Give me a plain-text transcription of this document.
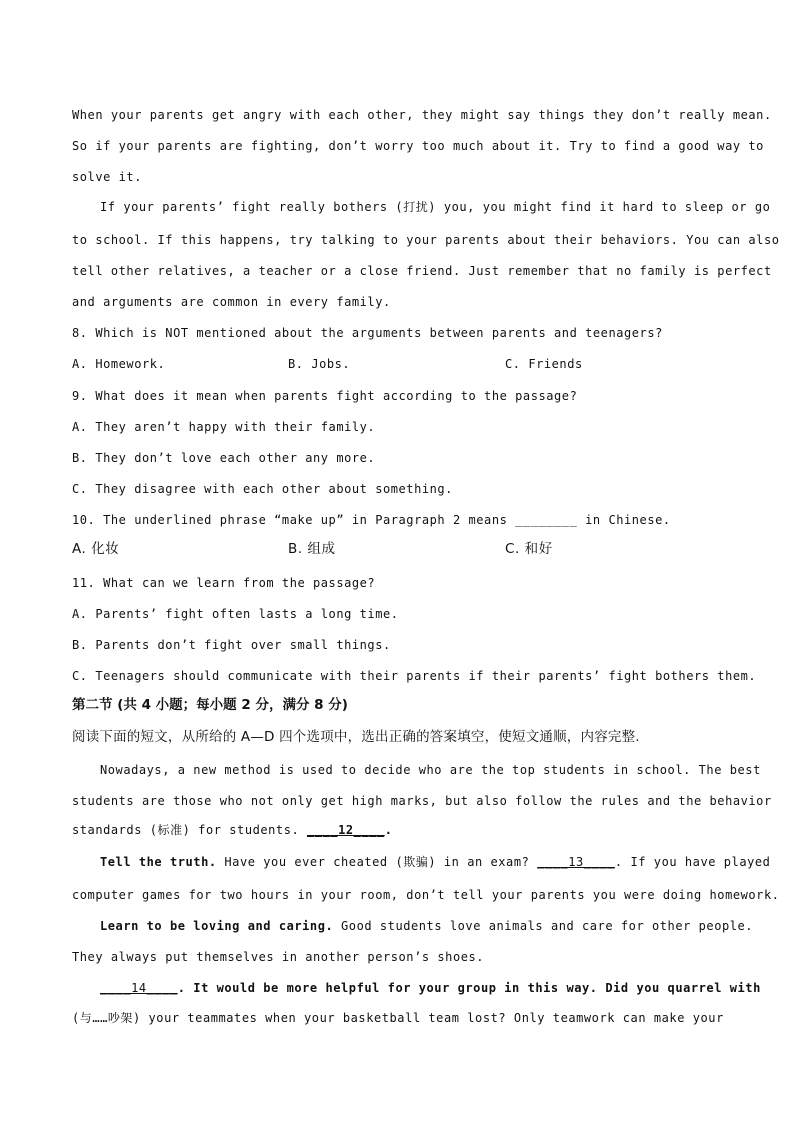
When your parents get angry with each other, they might say things they don’t really mean.
So if your parents are fighting, don’t worry too much about it. Try to find a good way to
solve it.
If your parents’ fight really bothers (打扰) you, you might find it hard to sleep or go
to school. If this happens, try talking to your parents about their behaviors. You can also
tell other relatives, a teacher or a close friend. Just remember that no family is perfect
and arguments are common in every family.
8. Which is NOT mentioned about the arguments between parents and teenagers?
A. Homework.	B. Jobs.	C. Friends
9. What does it mean when parents fight according to the passage?
A. They aren’t happy with their family.
B. They don’t love each other any more.
C. They disagree with each other about something.
10. The underlined phrase “make up” in Paragraph 2 means ________ in Chinese.
A. 化妆	B. 组成	C. 和好
11. What can we learn from the passage?
A. Parents’ fight often lasts a long time.
B. Parents don’t fight over small things.
C. Teenagers should communicate with their parents if their parents’ fight bothers them.
第二节 (共 4 小题；每小题 2 分，满分 8 分)
阅读下面的短文，从所给的 A—D 四个选项中，选出正确的答案填空，使短文通顺，内容完整.
Nowadays, a new method is used to decide who are the top students in school. The best
students are those who not only get high marks, but also follow the rules and the behavior
standards (标准) for students. ____12____.
Tell the truth. Have you ever cheated (欺骗) in an exam? ____13____. If you have played
computer games for two hours in your room, don’t tell your parents you were doing homework.
Learn to be loving and caring. Good students love animals and care for other people.
They always put themselves in another person’s shoes.
____14____. It would be more helpful for your group in this way. Did you quarrel with
(与……吵架) your teammates when your basketball team lost? Only teamwork can make your
